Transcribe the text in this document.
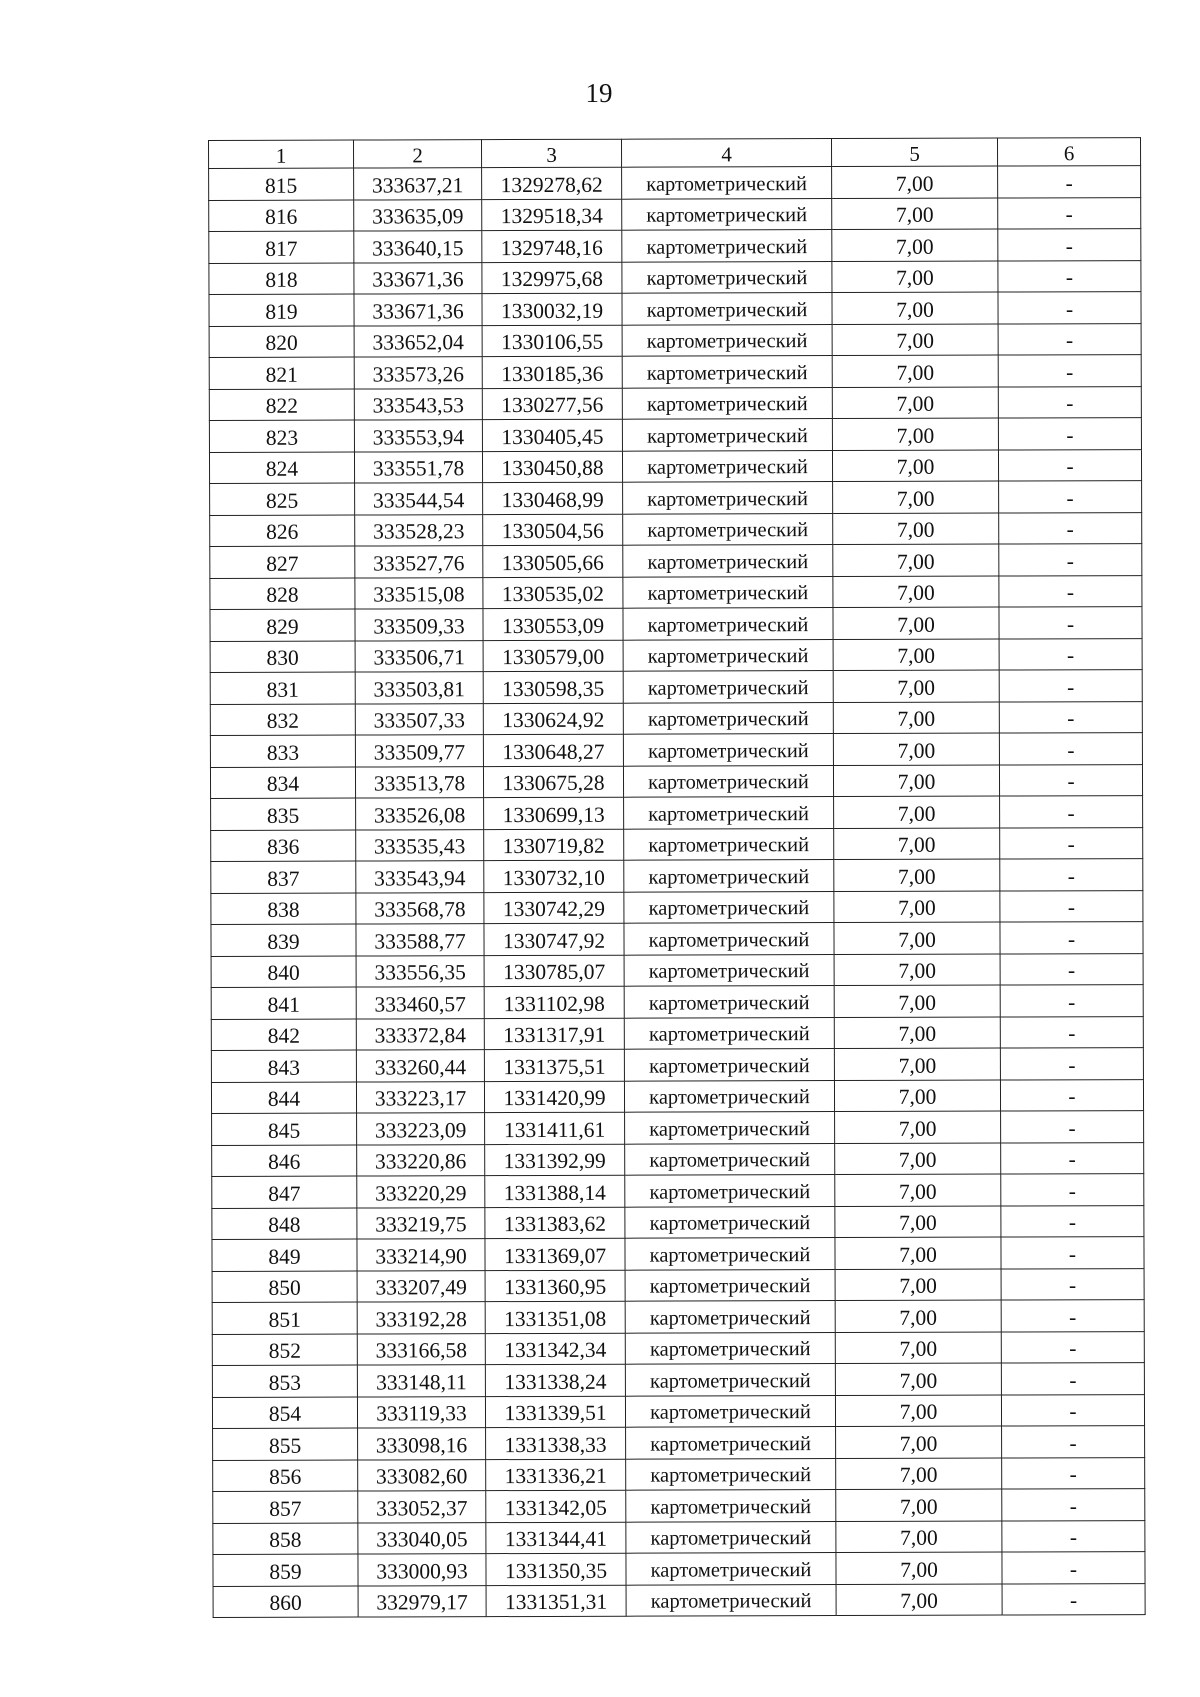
19
1	2	3	4	5	6
815	333637,21	1329278,62	картометрический	7,00	-
816	333635,09	1329518,34	картометрический	7,00	-
817	333640,15	1329748,16	картометрический	7,00	-
818	333671,36	1329975,68	картометрический	7,00	-
819	333671,36	1330032,19	картометрический	7,00	-
820	333652,04	1330106,55	картометрический	7,00	-
821	333573,26	1330185,36	картометрический	7,00	-
822	333543,53	1330277,56	картометрический	7,00	-
823	333553,94	1330405,45	картометрический	7,00	-
824	333551,78	1330450,88	картометрический	7,00	-
825	333544,54	1330468,99	картометрический	7,00	-
826	333528,23	1330504,56	картометрический	7,00	-
827	333527,76	1330505,66	картометрический	7,00	-
828	333515,08	1330535,02	картометрический	7,00	-
829	333509,33	1330553,09	картометрический	7,00	-
830	333506,71	1330579,00	картометрический	7,00	-
831	333503,81	1330598,35	картометрический	7,00	-
832	333507,33	1330624,92	картометрический	7,00	-
833	333509,77	1330648,27	картометрический	7,00	-
834	333513,78	1330675,28	картометрический	7,00	-
835	333526,08	1330699,13	картометрический	7,00	-
836	333535,43	1330719,82	картометрический	7,00	-
837	333543,94	1330732,10	картометрический	7,00	-
838	333568,78	1330742,29	картометрический	7,00	-
839	333588,77	1330747,92	картометрический	7,00	-
840	333556,35	1330785,07	картометрический	7,00	-
841	333460,57	1331102,98	картометрический	7,00	-
842	333372,84	1331317,91	картометрический	7,00	-
843	333260,44	1331375,51	картометрический	7,00	-
844	333223,17	1331420,99	картометрический	7,00	-
845	333223,09	1331411,61	картометрический	7,00	-
846	333220,86	1331392,99	картометрический	7,00	-
847	333220,29	1331388,14	картометрический	7,00	-
848	333219,75	1331383,62	картометрический	7,00	-
849	333214,90	1331369,07	картометрический	7,00	-
850	333207,49	1331360,95	картометрический	7,00	-
851	333192,28	1331351,08	картометрический	7,00	-
852	333166,58	1331342,34	картометрический	7,00	-
853	333148,11	1331338,24	картометрический	7,00	-
854	333119,33	1331339,51	картометрический	7,00	-
855	333098,16	1331338,33	картометрический	7,00	-
856	333082,60	1331336,21	картометрический	7,00	-
857	333052,37	1331342,05	картометрический	7,00	-
858	333040,05	1331344,41	картометрический	7,00	-
859	333000,93	1331350,35	картометрический	7,00	-
860	332979,17	1331351,31	картометрический	7,00	-
